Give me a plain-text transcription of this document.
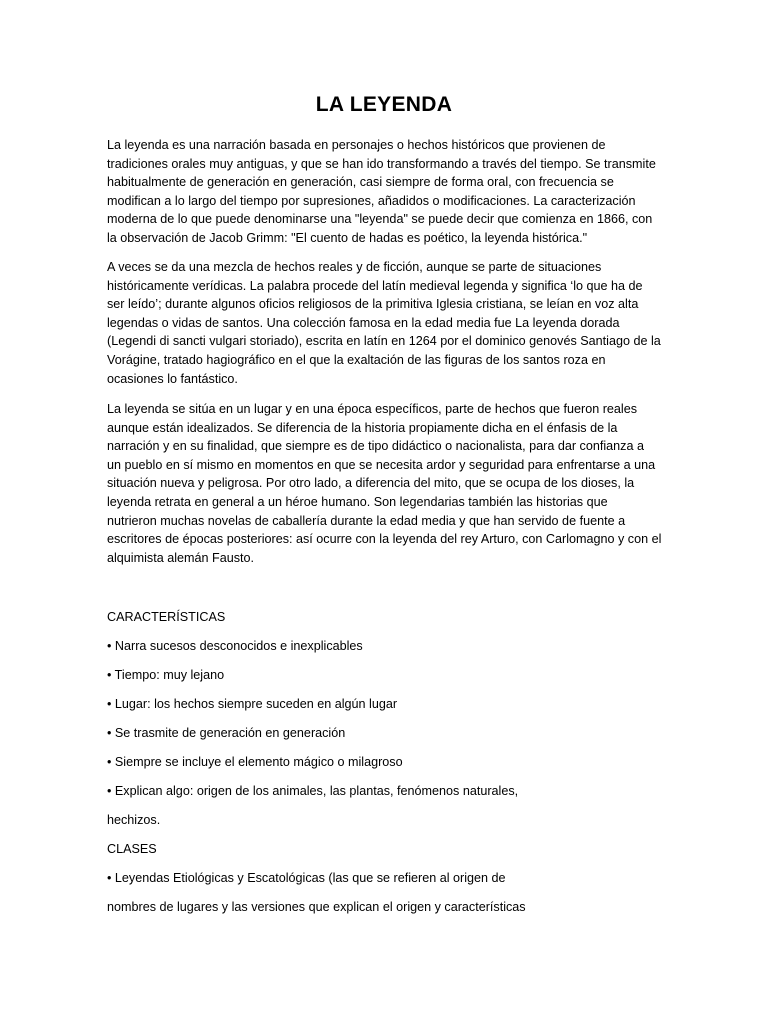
LA LEYENDA

La leyenda es una narración basada en personajes o hechos históricos que provienen de
tradiciones orales muy antiguas, y que se han ido transformando a través del tiempo. Se transmite
habitualmente de generación en generación, casi siempre de forma oral, con frecuencia se
modifican a lo largo del tiempo por supresiones, añadidos o modificaciones. La caracterización
moderna de lo que puede denominarse una "leyenda" se puede decir que comienza en 1866, con
la observación de Jacob Grimm: "El cuento de hadas es poético, la leyenda histórica."

A veces se da una mezcla de hechos reales y de ficción, aunque se parte de situaciones
históricamente verídicas. La palabra procede del latín medieval legenda y significa ‘lo que ha de
ser leído’; durante algunos oficios religiosos de la primitiva Iglesia cristiana, se leían en voz alta
legendas o vidas de santos. Una colección famosa en la edad media fue La leyenda dorada
(Legendi di sancti vulgari storiado), escrita en latín en 1264 por el dominico genovés Santiago de la
Vorágine, tratado hagiográfico en el que la exaltación de las figuras de los santos roza en
ocasiones lo fantástico.

La leyenda se sitúa en un lugar y en una época específicos, parte de hechos que fueron reales
aunque están idealizados. Se diferencia de la historia propiamente dicha en el énfasis de la
narración y en su finalidad, que siempre es de tipo didáctico o nacionalista, para dar confianza a
un pueblo en sí mismo en momentos en que se necesita ardor y seguridad para enfrentarse a una
situación nueva y peligrosa. Por otro lado, a diferencia del mito, que se ocupa de los dioses, la
leyenda retrata en general a un héroe humano. Son legendarias también las historias que
nutrieron muchas novelas de caballería durante la edad media y que han servido de fuente a
escritores de épocas posteriores: así ocurre con la leyenda del rey Arturo, con Carlomagno y con el
alquimista alemán Fausto.

CARACTERÍSTICAS

• Narra sucesos desconocidos e inexplicables

• Tiempo: muy lejano

• Lugar: los hechos siempre suceden en algún lugar

• Se trasmite de generación en generación

• Siempre se incluye el elemento mágico o milagroso

• Explican algo: origen de los animales, las plantas, fenómenos naturales,

hechizos.

CLASES

• Leyendas Etiológicas y Escatológicas (las que se refieren al origen de

nombres de lugares y las versiones que explican el origen y características
